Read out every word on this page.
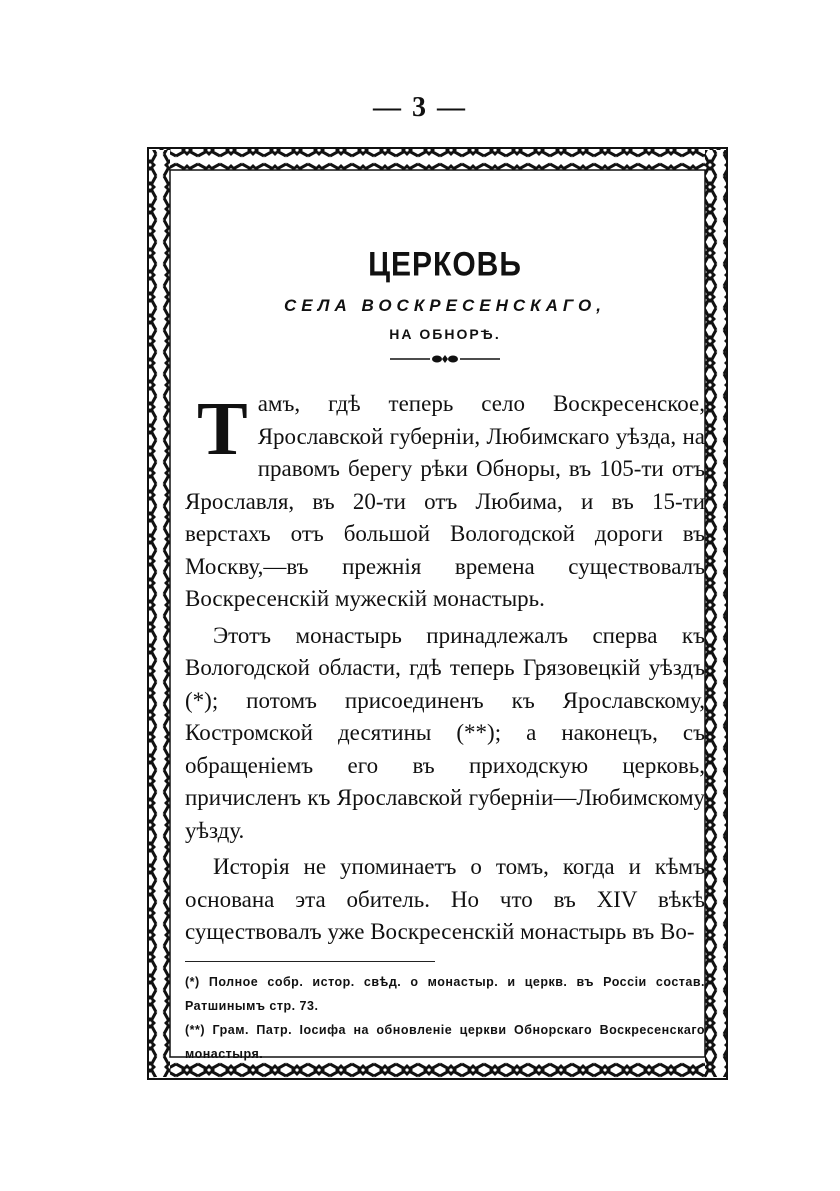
— 3 —
ЦЕРКОВЬ
СЕЛА ВОСКРЕСЕНСКАГО,
НА ОБНОРѢ.

Тамъ, гдѣ теперь село Воскресенское, Ярославской губерніи, Любимскаго уѣзда, на правомъ берегу рѣки Обноры, въ 105-ти отъ Ярославля, въ 20-ти отъ Любима, и въ 15-ти верстахъ отъ большой Вологодской дороги въ Москву,—въ прежнія времена существовалъ Воскресенскій мужескій монастырь.

Этотъ монастырь принадлежалъ сперва къ Вологодской области, гдѣ теперь Грязовецкій уѣздъ (*); потомъ присоединенъ къ Ярославскому, Костромской десятины (**); а наконецъ, съ обращеніемъ его въ приходскую церковь, причисленъ къ Ярославской губерніи—Любимскому уѣзду.

Исторія не упоминаетъ о томъ, когда и кѣмъ основана эта обитель. Но что въ XIV вѣкѣ существовалъ уже Воскресенскій монастырь въ Во-

(*) Полное собр. истор. свѣд. о монастыр. и церкв. въ Россіи состав. Ратшинымъ стр. 73.
(**) Грам. Патр. Іосифа на обновленіе церкви Обнорскаго Воскресенскаго монастыря.
